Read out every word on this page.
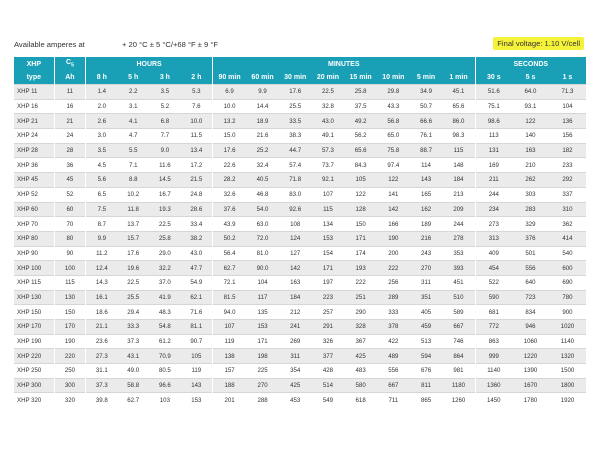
Available amperes at	+ 20 °C ± 5 °C/+68 °F ± 9 °F	Final voltage: 1.10 V/cell
XHP	$C_5$	HOURS				MINUTES								SECONDS		
type	Ah	8 h	5 h	3 h	2 h	90 min	60 min	30 min	20 min	15 min	10 min	5 min	1 min	30 s	5 s	1 s
XHP 11	11	1.4	2.2	3.5	5.3	6.9	9.9	17.6	22.5	25.8	29.8	34.9	45.1	51.6	64.0	71.3
XHP 16	16	2.0	3.1	5.2	7.6	10.0	14.4	25.5	32.8	37.5	43.3	50.7	65.6	75.1	93.1	104
XHP 21	21	2.6	4.1	6.8	10.0	13.2	18.9	33.5	43.0	49.2	56.8	66.6	86.0	98.6	122	136
XHP 24	24	3.0	4.7	7.7	11.5	15.0	21.6	38.3	49.1	56.2	65.0	76.1	98.3	113	140	156
XHP 28	28	3.5	5.5	9.0	13.4	17.6	25.2	44.7	57.3	65.6	75.8	88.7	115	131	163	182
XHP 36	36	4.5	7.1	11.6	17.2	22.6	32.4	57.4	73.7	84.3	97.4	114	148	169	210	233
XHP 45	45	5.6	8.8	14.5	21.5	28.2	40.5	71.8	92.1	105	122	143	184	211	262	292
XHP 52	52	6.5	10.2	16.7	24.8	32.6	46.8	83.0	107	122	141	165	213	244	303	337
XHP 60	60	7.5	11.8	19.3	28.6	37.6	54.0	92.6	115	128	142	162	209	234	283	310
XHP 70	70	8.7	13.7	22.5	33.4	43.9	63.0	108	134	150	166	189	244	273	329	362
XHP 80	80	9.9	15.7	25.8	38.2	50.2	72.0	124	153	171	190	216	278	313	376	414
XHP 90	90	11.2	17.6	29.0	43.0	56.4	81.0	127	154	174	200	243	353	409	501	540
XHP 100	100	12.4	19.6	32.2	47.7	62.7	90.0	142	171	193	222	270	393	454	556	600
XHP 115	115	14.3	22.5	37.0	54.9	72.1	104	163	197	222	256	311	451	522	640	690
XHP 130	130	16.1	25.5	41.9	62.1	81.5	117	184	223	251	289	351	510	590	723	780
XHP 150	150	18.6	29.4	48.3	71.6	94.0	135	212	257	290	333	405	589	681	834	900
XHP 170	170	21.1	33.3	54.8	81.1	107	153	241	291	328	378	459	667	772	946	1020
XHP 190	190	23.6	37.3	61.2	90.7	119	171	269	326	367	422	513	746	863	1060	1140
XHP 220	220	27.3	43.1	70.9	105	138	198	311	377	425	489	594	864	999	1220	1320
XHP 250	250	31.1	49.0	80.5	119	157	225	354	428	483	556	676	981	1140	1390	1500
XHP 300	300	37.3	58.8	96.6	143	188	270	425	514	580	667	811	1180	1360	1670	1800
XHP 320	320	39.8	62.7	103	153	201	288	453	549	618	711	865	1260	1450	1780	1920
